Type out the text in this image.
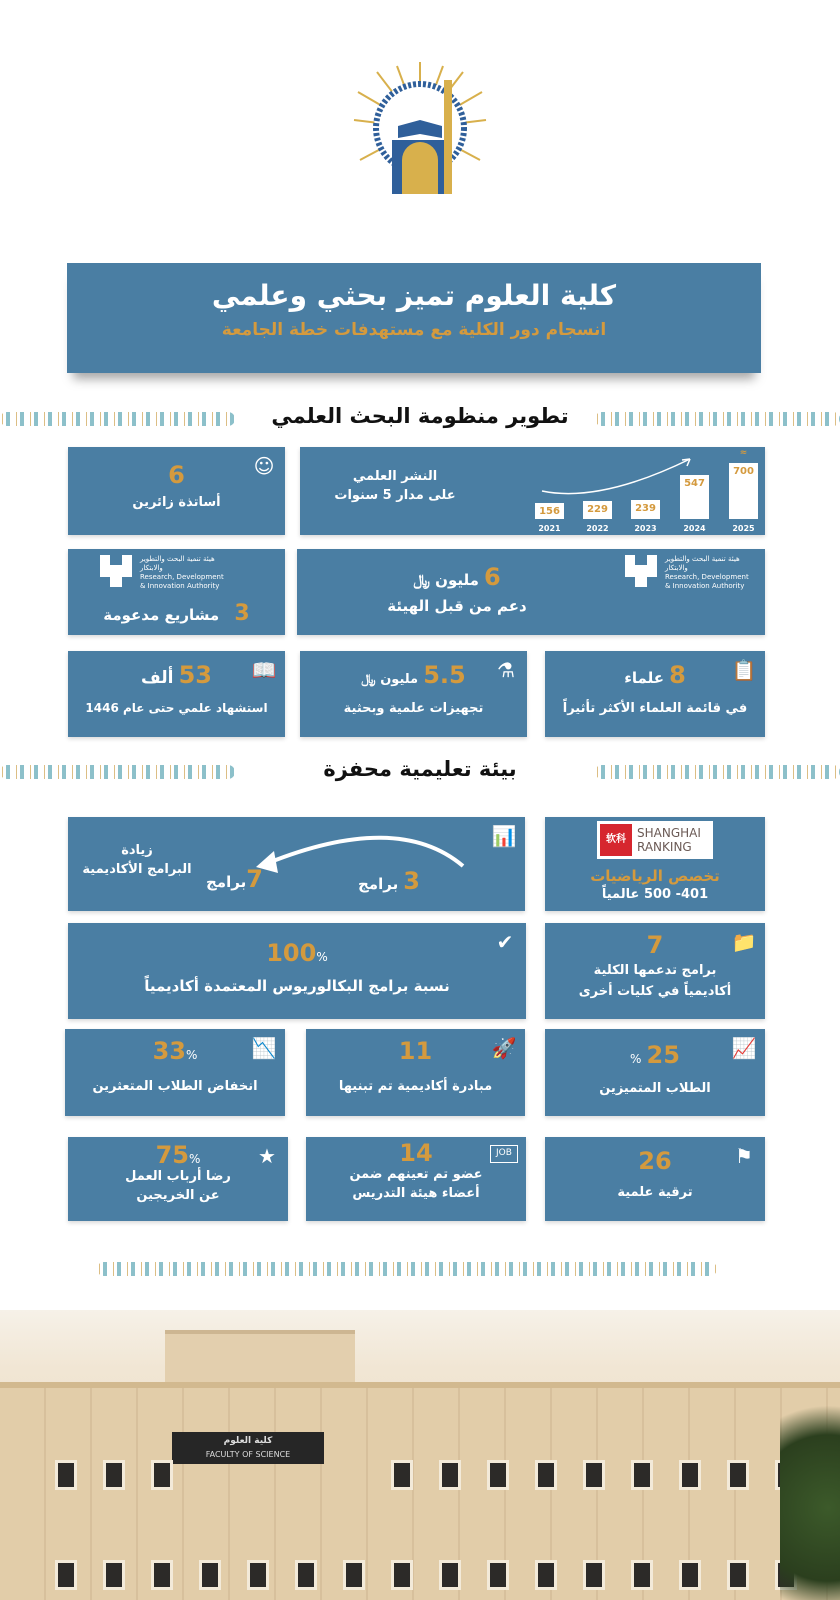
كلية العلوم تميز بحثي وعلمي
انسجام دور الكلية مع مستهدفات خطة الجامعة
تطوير منظومة البحث العلمي
☺
6
أساتذة زائرين
النشر العلمي
على مدار 5 سنوات
156
2021
229
2022
239
2023
547
2024
700
2025
≈
هيئة تنمية البحث والتطوير والابتكار
Research, Development
& Innovation Authority
3   مشاريع مدعومة
هيئة تنمية البحث والتطوير والابتكار
Research, Development
& Innovation Authority
6 مليون ﷼
دعم من قبل الهيئة
📖
53 ألف
استشهاد علمي حتى عام 1446
⚗
5.5 مليون ﷼
تجهيزات علمية وبحثية
📋
8 علماء
في قائمة العلماء الأكثر تأثيراً
بيئة تعليمية محفزة
📊
3 برامج
7برامج
زيادة
البرامج الأكاديمية
软科 SHANGHAI
RANKING
تخصص الرياضيات
401- 500 عالمياً
✔
100%
نسبة برامج البكالوريوس المعتمدة أكاديمياً
📁
7
برامج تدعمها الكلية
أكاديمياً في كليات أخرى
📉
33%
انخفاض الطلاب المتعثرين
🚀
11
مبادرة أكاديمية تم تبنيها
📈
25 %
الطلاب المتميزين
★
75%
رضا أرباب العمل
عن الخريجين
JOB
14
عضو تم تعينهم ضمن
أعضاء هيئة التدريس
⚑
26
ترقية علمية
كلية العلوم
FACULTY OF SCIENCE
